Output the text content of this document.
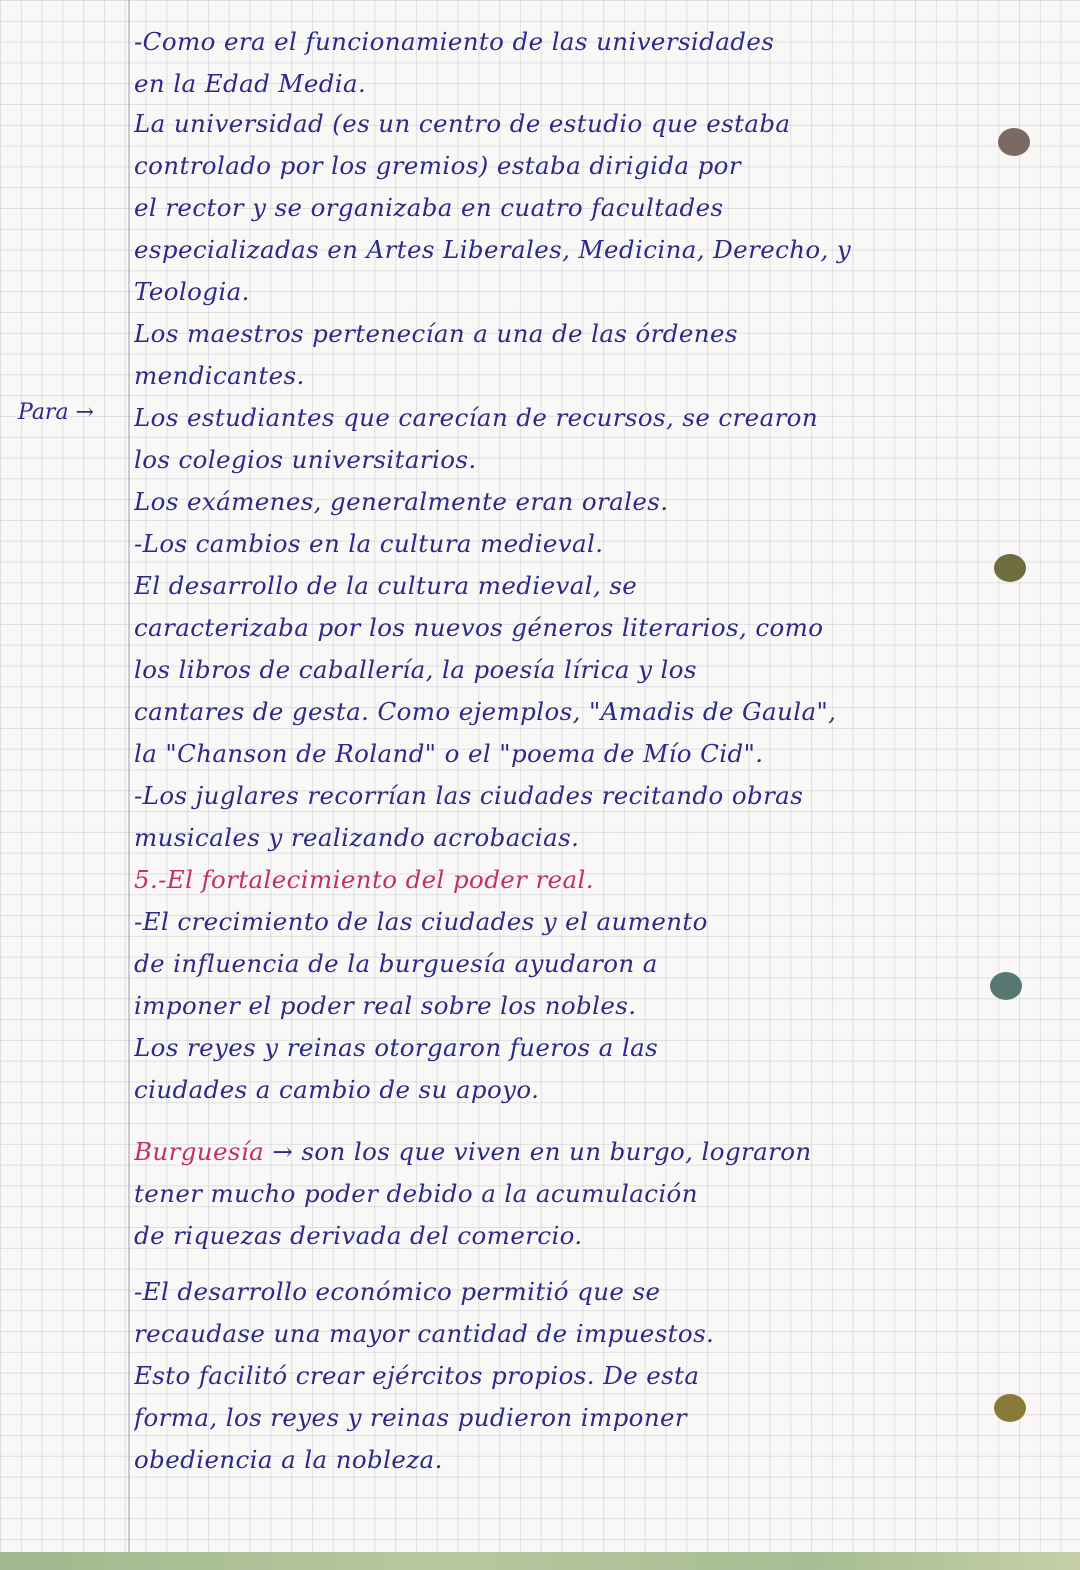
Para →
-Como era el funcionamiento de las universidades
en la Edad Media.
La universidad (es un centro de estudio que estaba
controlado por los gremios) estaba dirigida por
el rector y se organizaba en cuatro facultades
especializadas en Artes Liberales, Medicina, Derecho, y
Teologia.
Los maestros pertenecían a una de las órdenes
mendicantes.
Los estudiantes que carecían de recursos, se crearon
los colegios universitarios.
Los exámenes, generalmente eran orales.
-Los cambios en la cultura medieval.
El desarrollo de la cultura medieval, se
caracterizaba por los nuevos géneros literarios, como
los libros de caballería, la poesía lírica y los
cantares de gesta. Como ejemplos, "Amadis de Gaula",
la "Chanson de Roland" o el "poema de Mío Cid".
-Los juglares recorrían las ciudades recitando obras
musicales y realizando acrobacias.
5.-El fortalecimiento del poder real.
-El crecimiento de las ciudades y el aumento
de influencia de la burguesía ayudaron a
imponer el poder real sobre los nobles.
Los reyes y reinas otorgaron fueros a las
ciudades a cambio de su apoyo.
Burguesía → son los que viven en un burgo, lograron
tener mucho poder debido a la acumulación
de riquezas derivada del comercio.
-El desarrollo económico permitió que se
recaudase una mayor cantidad de impuestos.
Esto facilitó crear ejércitos propios. De esta
forma, los reyes y reinas pudieron imponer
obediencia a la nobleza.
